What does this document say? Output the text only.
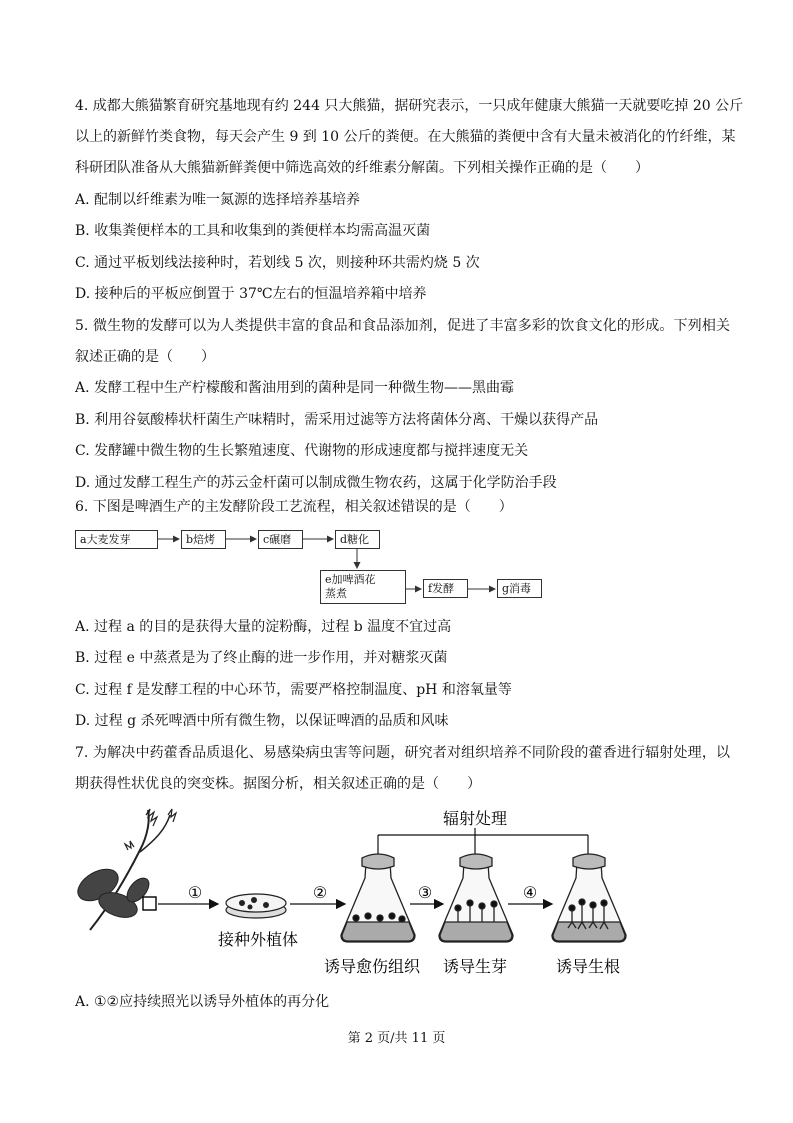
4. 成都大熊猫繁育研究基地现有约 244 只大熊猫，据研究表示，一只成年健康大熊猫一天就要吃掉 20 公斤
以上的新鲜竹类食物，每天会产生 9 到 10 公斤的粪便。在大熊猫的粪便中含有大量未被消化的竹纤维，某
科研团队准备从大熊猫新鲜粪便中筛选高效的纤维素分解菌。下列相关操作正确的是（　　）
A. 配制以纤维素为唯一氮源的选择培养基培养
B. 收集粪便样本的工具和收集到的粪便样本均需高温灭菌
C. 通过平板划线法接种时，若划线 5 次，则接种环共需灼烧 5 次
D. 接种后的平板应倒置于 37℃左右的恒温培养箱中培养
5. 微生物的发酵可以为人类提供丰富的食品和食品添加剂，促进了丰富多彩的饮食文化的形成。下列相关
叙述正确的是（　　）
A. 发酵工程中生产柠檬酸和酱油用到的菌种是同一种微生物——黑曲霉
B. 利用谷氨酸棒状杆菌生产味精时，需采用过滤等方法将菌体分离、干燥以获得产品
C. 发酵罐中微生物的生长繁殖速度、代谢物的形成速度都与搅拌速度无关
D. 通过发酵工程生产的苏云金杆菌可以制成微生物农药，这属于化学防治手段
6. 下图是啤酒生产的主发酵阶段工艺流程，相关叙述错误的是（　　）
a大麦发芽	b焙烤	c碾磨	d糖化
e加啤酒花
蒸煮	f发酵	g消毒
A. 过程 a 的目的是获得大量的淀粉酶，过程 b 温度不宜过高
B. 过程 e 中蒸煮是为了终止酶的进一步作用，并对糖浆灭菌
C. 过程 f 是发酵工程的中心环节，需要严格控制温度、pH 和溶氧量等
D. 过程 g 杀死啤酒中所有微生物，以保证啤酒的品质和风味
7. 为解决中药藿香品质退化、易感染病虫害等问题，研究者对组织培养不同阶段的藿香进行辐射处理，以
期获得性状优良的突变株。据图分析，相关叙述正确的是（　　）
辐射处理
①
接种外植体
②
诱导愈伤组织
③
诱导生芽
④
诱导生根
A. ①②应持续照光以诱导外植体的再分化
第 2 页/共 11 页
